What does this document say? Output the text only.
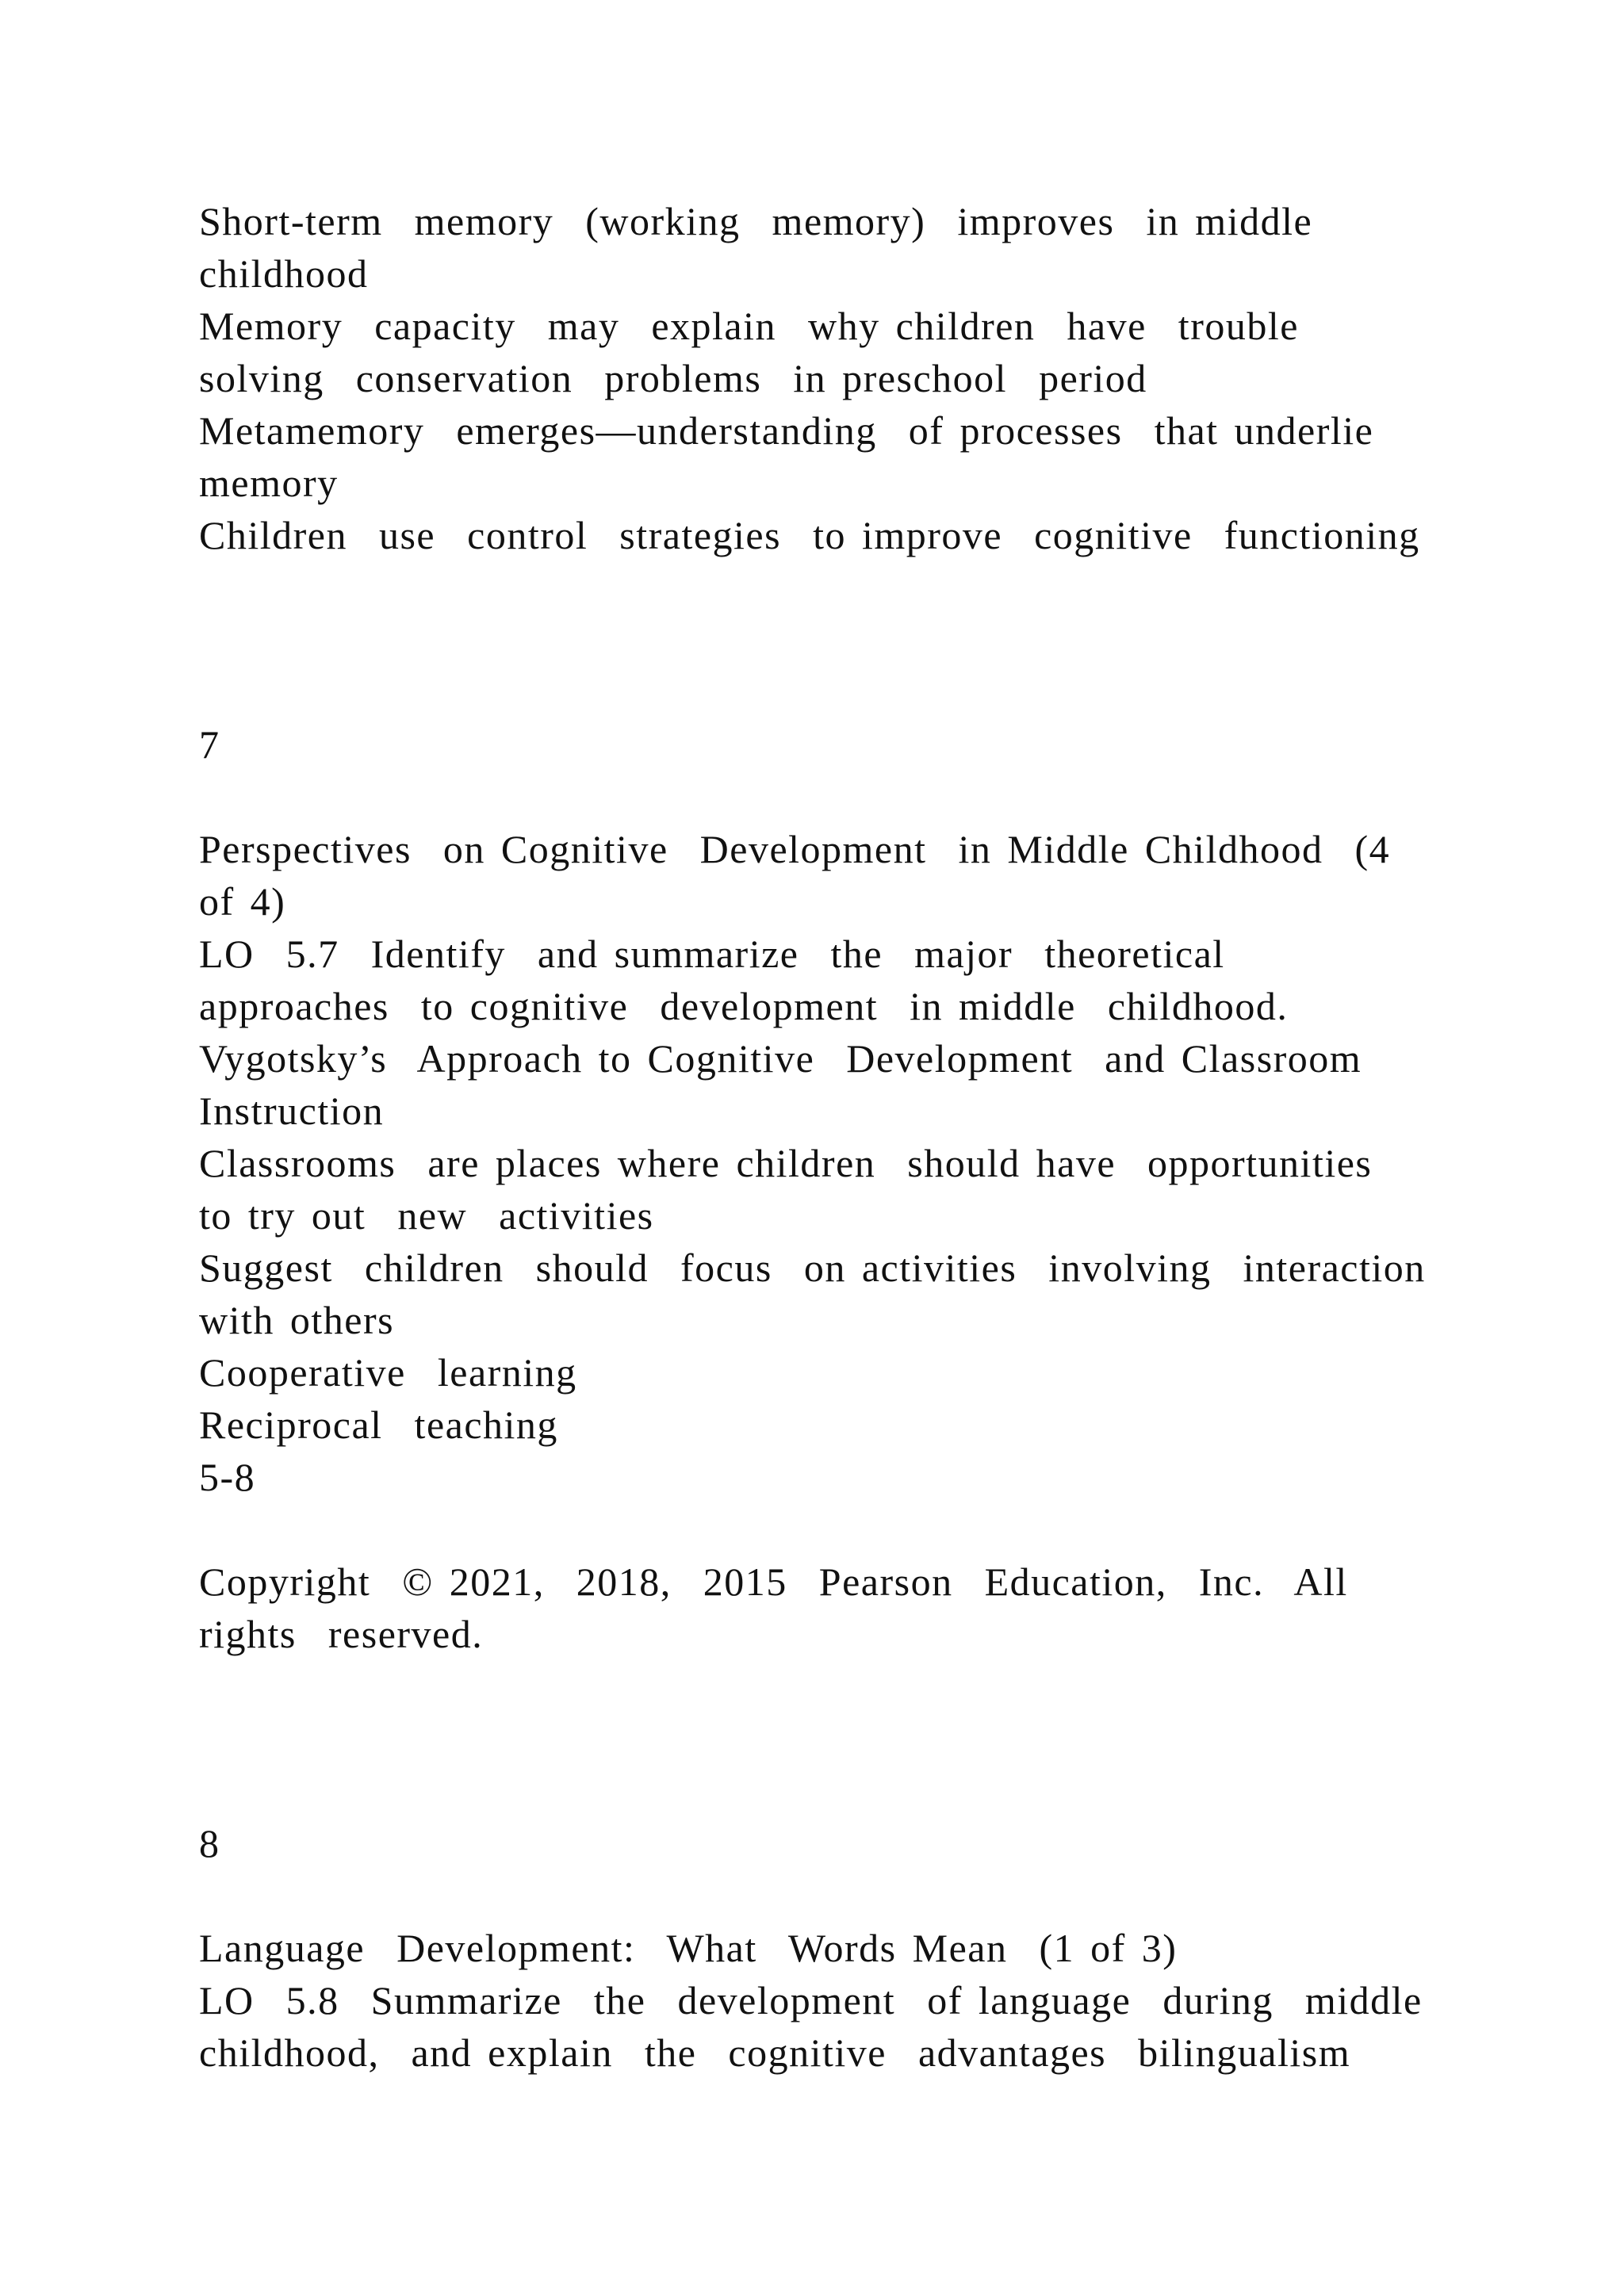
Short-term  memory  (working  memory)  improves  in middle
childhood
Memory  capacity  may  explain  why children  have  trouble
solving  conservation  problems  in preschool  period
Metamemory  emerges—understanding  of processes  that underlie
memory
Children  use  control  strategies  to improve  cognitive  functioning
7
Perspectives  on Cognitive  Development  in Middle Childhood  (4
of 4)
LO  5.7  Identify  and summarize  the  major  theoretical
approaches  to cognitive  development  in middle  childhood.
Vygotsky’s  Approach to Cognitive  Development  and Classroom
Instruction
Classrooms  are places where children  should have  opportunities
to try out  new  activities
Suggest  children  should  focus  on activities  involving  interaction
with others
Cooperative  learning
Reciprocal  teaching
5-8
Copyright  © 2021,  2018,  2015  Pearson  Education,  Inc.  All
rights  reserved.
8
Language  Development:  What  Words Mean  (1 of 3)
LO  5.8  Summarize  the  development  of language  during  middle
childhood,  and explain  the  cognitive  advantages  bilingualism
